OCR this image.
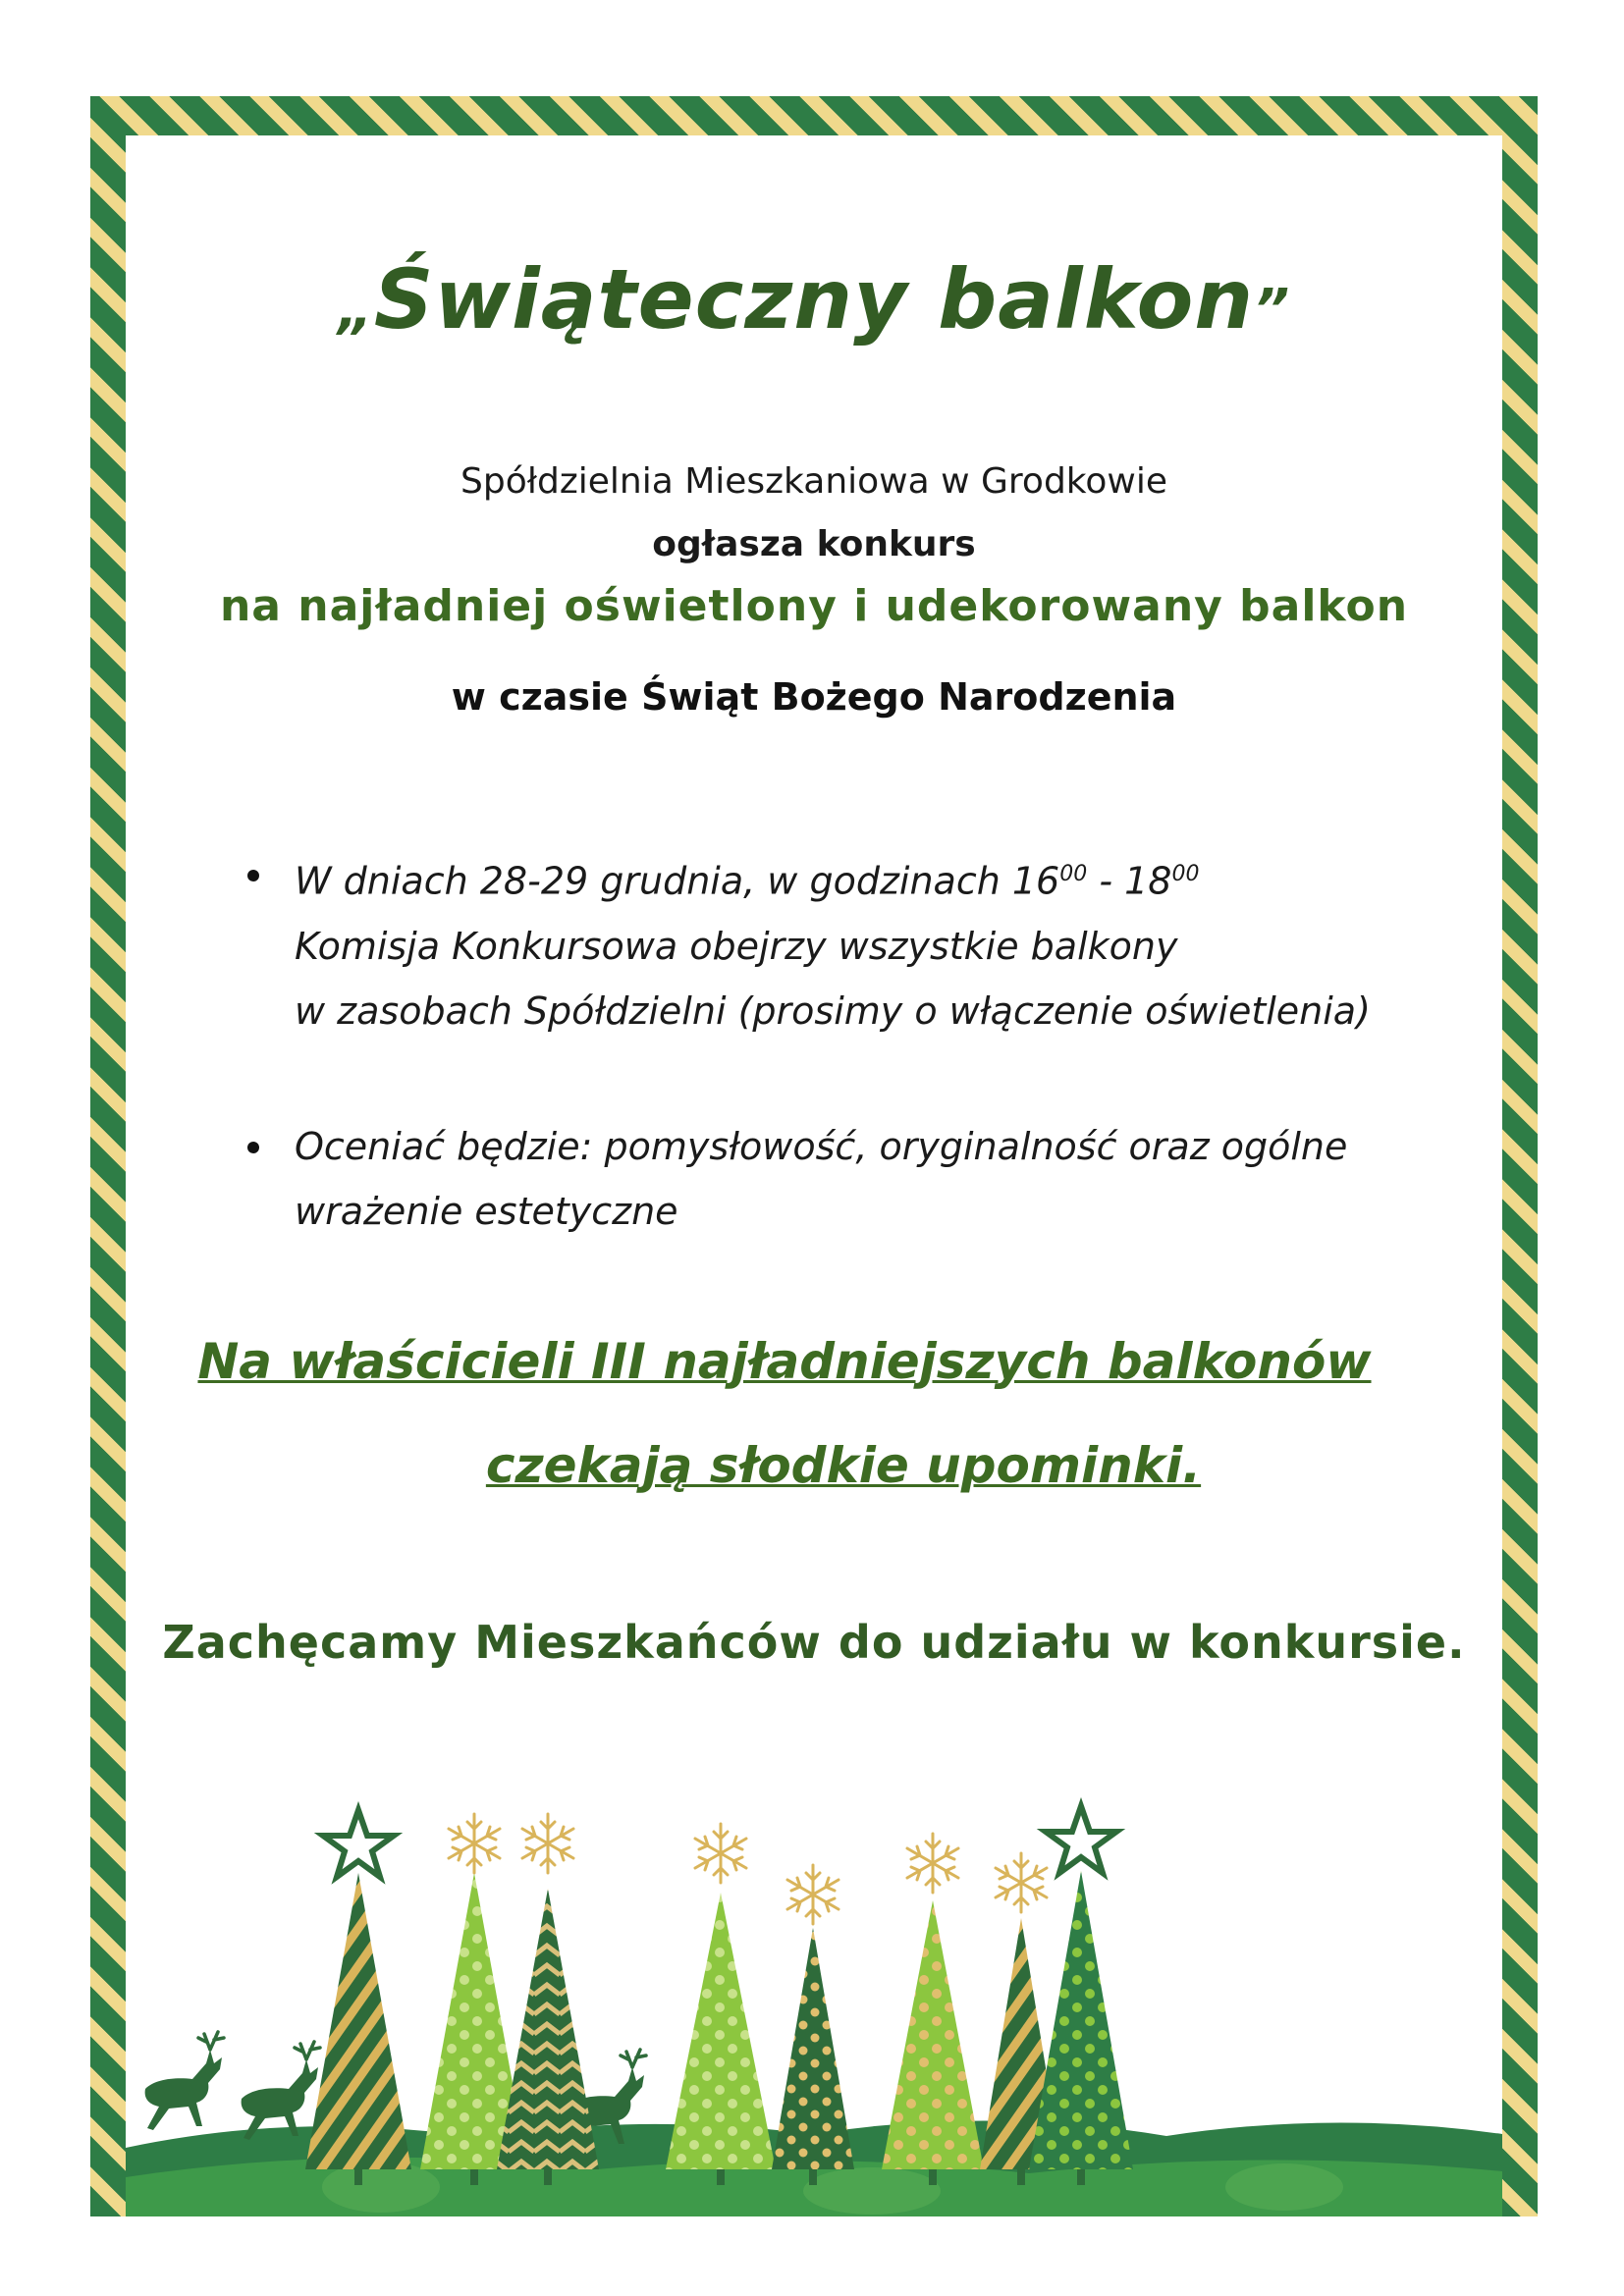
„Świąteczny balkon”
Spółdzielnia Mieszkaniowa w Grodkowie
ogłasza konkurs
na najładniej oświetlony i udekorowany balkon
w czasie Świąt Bożego Narodzenia
W dniach 28-29 grudnia, w godzinach $16^{00} - 18^{00}$
Komisja Konkursowa obejrzy wszystkie balkony
w zasobach Spółdzielni (prosimy o włączenie oświetlenia)
Oceniać będzie: pomysłowość, oryginalność oraz ogólne
wrażenie estetyczne
Na właścicieli III najładniejszych balkonów
czekają słodkie upominki.
Zachęcamy Mieszkańców do udziału w konkursie.
